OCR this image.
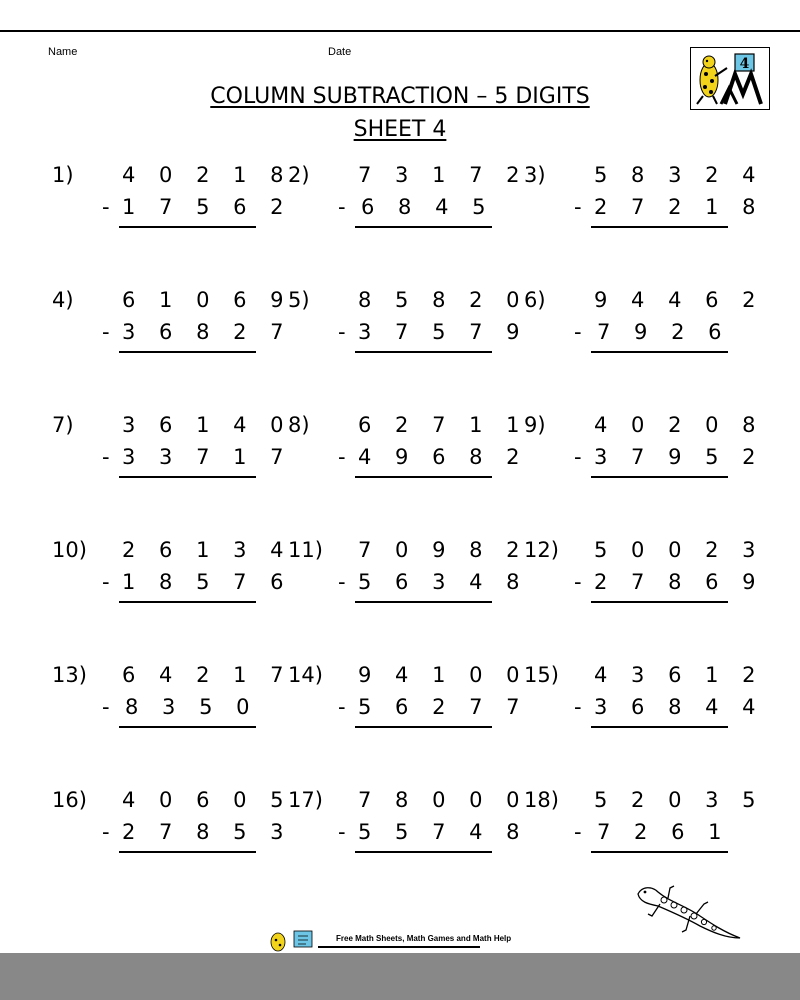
Name	Date
COLUMN SUBTRACTION – 5 DIGITS
SHEET 4
4
1) 4 0 2 1 8
- 1 7 5 6 2
2) 7 3 1 7 2
- 6 8 4 5
3) 5 8 3 2 4
- 2 7 2 1 8
4) 6 1 0 6 9
- 3 6 8 2 7
5) 8 5 8 2 0
- 3 7 5 7 9
6) 9 4 4 6 2
- 7 9 2 6
7) 3 6 1 4 0
- 3 3 7 1 7
8) 6 2 7 1 1
- 4 9 6 8 2
9) 4 0 2 0 8
- 3 7 9 5 2
10) 2 6 1 3 4
- 1 8 5 7 6
11) 7 0 9 8 2
- 5 6 3 4 8
12) 5 0 0 2 3
- 2 7 8 6 9
13) 6 4 2 1 7
- 8 3 5 0
14) 9 4 1 0 0
- 5 6 2 7 7
15) 4 3 6 1 2
- 3 6 8 4 4
16) 4 0 6 0 5
- 2 7 8 5 3
17) 7 8 0 0 0
- 5 5 7 4 8
18) 5 2 0 3 5
- 7 2 6 1
Free Math Sheets, Math Games and Math Help
